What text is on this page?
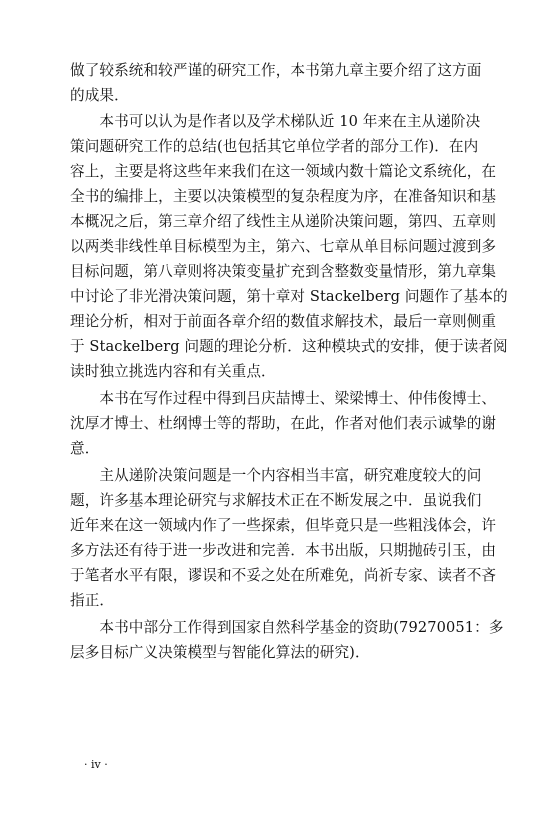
做了较系统和较严谨的研究工作，本书第九章主要介绍了这方面
的成果．
　　本书可以认为是作者以及学术梯队近 10 年来在主从递阶决
策问题研究工作的总结(也包括其它单位学者的部分工作)．在内
容上，主要是将这些年来我们在这一领域内数十篇论文系统化，在
全书的编排上，主要以决策模型的复杂程度为序，在准备知识和基
本概况之后，第三章介绍了线性主从递阶决策问题，第四、五章则
以两类非线性单目标模型为主，第六、七章从单目标问题过渡到多
目标问题，第八章则将决策变量扩充到含整数变量情形，第九章集
中讨论了非光滑决策问题，第十章对 Stackelberg 问题作了基本的
理论分析，相对于前面各章介绍的数值求解技术，最后一章则侧重
于 Stackelberg 问题的理论分析．这种模块式的安排，便于读者阅
读时独立挑选内容和有关重点．
　　本书在写作过程中得到吕庆喆博士、梁梁博士、仲伟俊博士、
沈厚才博士、杜纲博士等的帮助，在此，作者对他们表示诚挚的谢
意．
　　主从递阶决策问题是一个内容相当丰富，研究难度较大的问
题，许多基本理论研究与求解技术正在不断发展之中．虽说我们
近年来在这一领域内作了一些探索，但毕竟只是一些粗浅体会，许
多方法还有待于进一步改进和完善．本书出版，只期抛砖引玉，由
于笔者水平有限，谬误和不妥之处在所难免，尚祈专家、读者不吝
指正．
　　本书中部分工作得到国家自然科学基金的资助(79270051：多
层多目标广义决策模型与智能化算法的研究)．
· iv ·
